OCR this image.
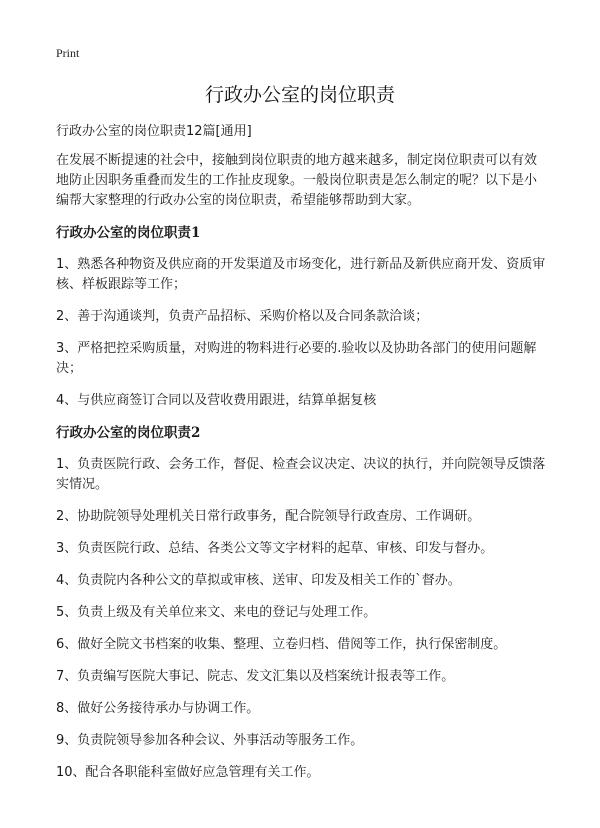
Print
行政办公室的岗位职责

行政办公室的岗位职责12篇[通用]

在发展不断提速的社会中，接触到岗位职责的地方越来越多，制定岗位职责可以有效地防止因职务重叠而发生的工作扯皮现象。一般岗位职责是怎么制定的呢？以下是小编帮大家整理的行政办公室的岗位职责，希望能够帮助到大家。

行政办公室的岗位职责1

1、熟悉各种物资及供应商的开发渠道及市场变化，进行新品及新供应商开发、资质审核、样板跟踪等工作；

2、善于沟通谈判，负责产品招标、采购价格以及合同条款洽谈；

3、严格把控采购质量，对购进的物料进行必要的.验收以及协助各部门的使用问题解决；

4、与供应商签订合同以及营收费用跟进，结算单据复核

行政办公室的岗位职责2

1、负责医院行政、会务工作，督促、检查会议决定、决议的执行，并向院领导反馈落实情况。

2、协助院领导处理机关日常行政事务，配合院领导行政查房、工作调研。

3、负责医院行政、总结、各类公文等文字材料的起草、审核、印发与督办。

4、负责院内各种公文的草拟或审核、送审、印发及相关工作的`督办。

5、负责上级及有关单位来文、来电的登记与处理工作。

6、做好全院文书档案的收集、整理、立卷归档、借阅等工作，执行保密制度。

7、负责编写医院大事记、院志、发文汇集以及档案统计报表等工作。

8、做好公务接待承办与协调工作。

9、负责院领导参加各种会议、外事活动等服务工作。

10、配合各职能科室做好应急管理有关工作。
